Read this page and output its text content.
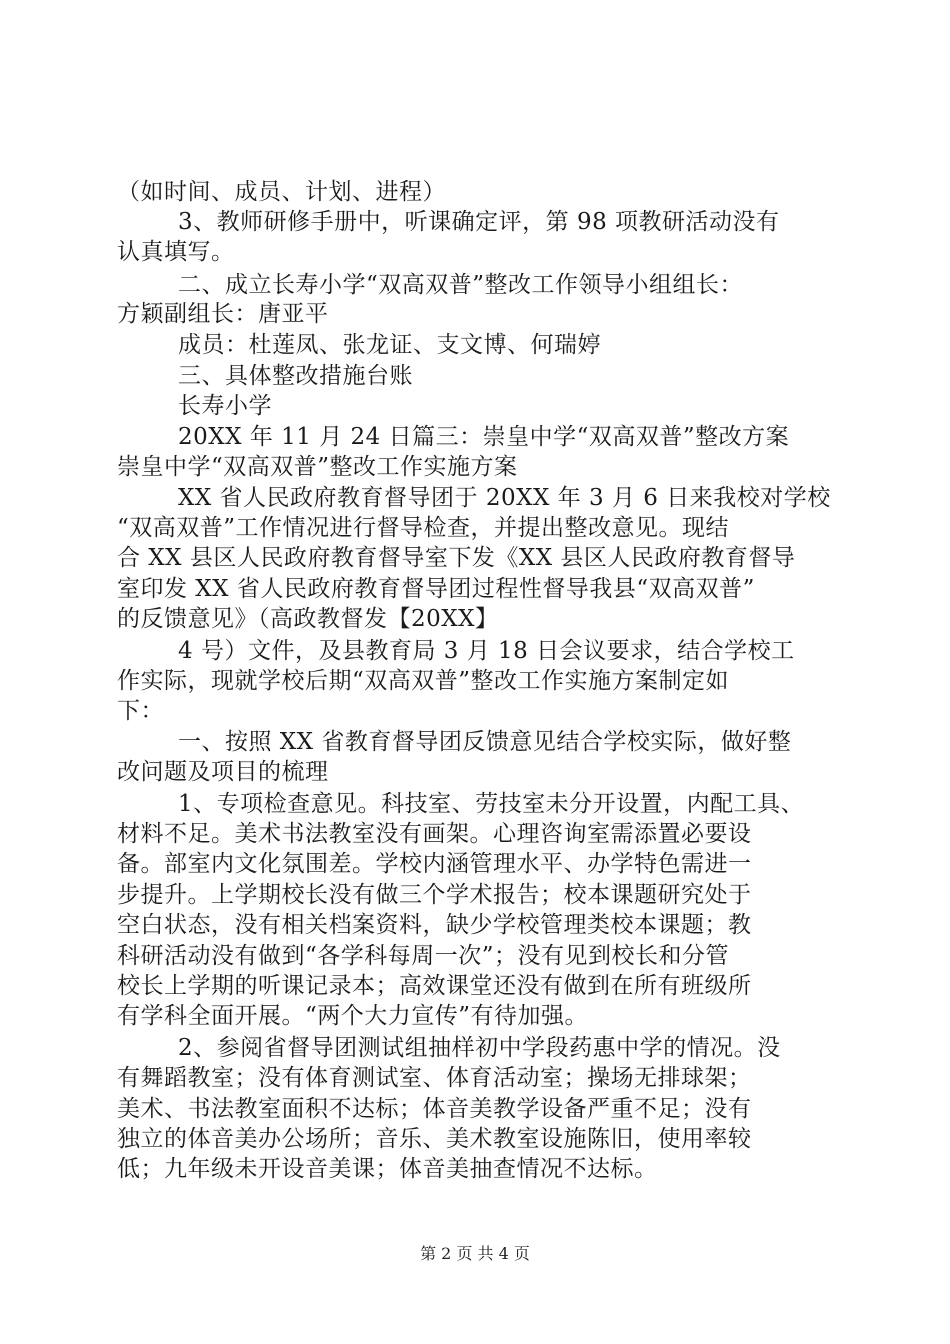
（如时间、成员、计划、进程）
3、教师研修手册中，听课确定评，第 98 项教研活动没有
认真填写。
二、成立长寿小学“双高双普”整改工作领导小组组长：
方颖副组长：唐亚平
成员：杜莲凤、张龙证、支文博、何瑞婷
三、具体整改措施台账
长寿小学
20XX 年 11 月 24 日篇三：崇皇中学“双高双普”整改方案
崇皇中学“双高双普”整改工作实施方案
XX 省人民政府教育督导团于 20XX 年 3 月 6 日来我校对学校
“双高双普”工作情况进行督导检查，并提出整改意见。现结
合 XX 县区人民政府教育督导室下发《XX 县区人民政府教育督导
室印发 XX 省人民政府教育督导团过程性督导我县“双高双普”
的反馈意见》（高政教督发【20XX】
4 号）文件，及县教育局 3 月 18 日会议要求，结合学校工
作实际，现就学校后期“双高双普”整改工作实施方案制定如
下：
一、按照 XX 省教育督导团反馈意见结合学校实际，做好整
改问题及项目的梳理
1、专项检查意见。科技室、劳技室未分开设置，内配工具、
材料不足。美术书法教室没有画架。心理咨询室需添置必要设
备。部室内文化氛围差。学校内涵管理水平、办学特色需进一
步提升。上学期校长没有做三个学术报告；校本课题研究处于
空白状态，没有相关档案资料，缺少学校管理类校本课题；教
科研活动没有做到“各学科每周一次”；没有见到校长和分管
校长上学期的听课记录本；高效课堂还没有做到在所有班级所
有学科全面开展。“两个大力宣传”有待加强。
2、参阅省督导团测试组抽样初中学段药惠中学的情况。没
有舞蹈教室；没有体育测试室、体育活动室；操场无排球架；
美术、书法教室面积不达标；体音美教学设备严重不足；没有
独立的体音美办公场所；音乐、美术教室设施陈旧，使用率较
低；九年级未开设音美课；体音美抽查情况不达标。
第 2 页 共 4 页
